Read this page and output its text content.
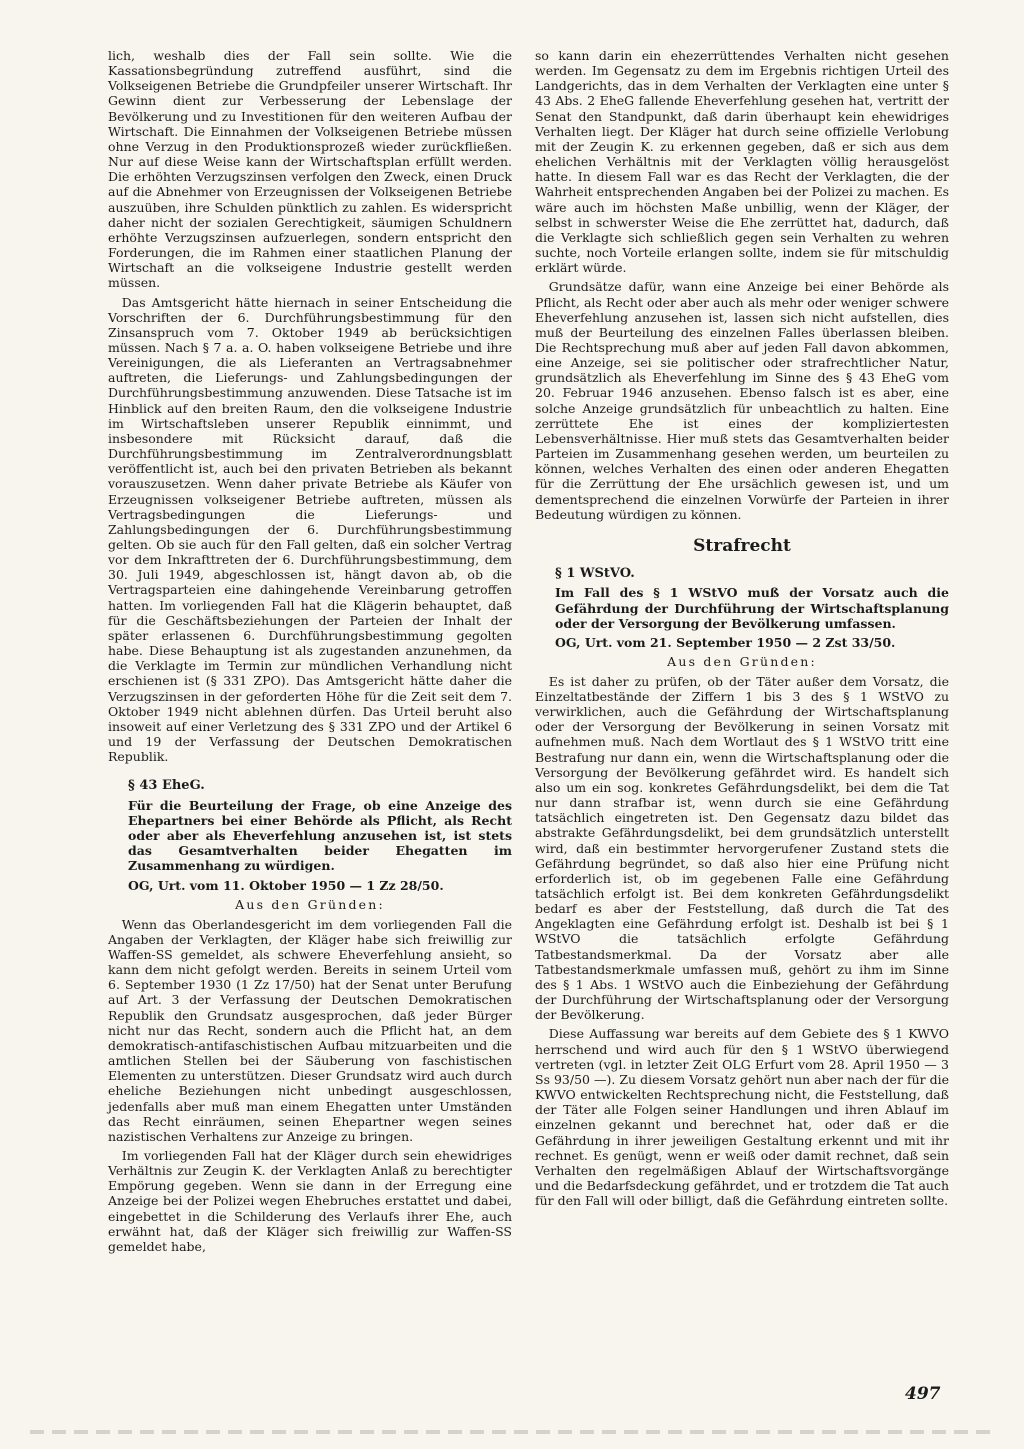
lich, weshalb dies der Fall sein sollte. Wie die Kassationsbegründung zutreffend ausführt, sind die Volkseigenen Betriebe die Grundpfeiler unserer Wirtschaft. Ihr Gewinn dient zur Verbesserung der Lebenslage der Bevölkerung und zu Investitionen für den weiteren Aufbau der Wirtschaft. Die Einnahmen der Volkseigenen Betriebe müssen ohne Verzug in den Produktionsprozeß wieder zurückfließen. Nur auf diese Weise kann der Wirtschaftsplan erfüllt werden. Die erhöhten Verzugszinsen verfolgen den Zweck, einen Druck auf die Abnehmer von Erzeugnissen der Volkseigenen Betriebe auszuüben, ihre Schulden pünktlich zu zahlen. Es widerspricht daher nicht der sozialen Gerechtigkeit, säumigen Schuldnern erhöhte Verzugszinsen aufzuerlegen, sondern entspricht den Forderungen, die im Rahmen einer staatlichen Planung der Wirtschaft an die volkseigene Industrie gestellt werden müssen.

Das Amtsgericht hätte hiernach in seiner Entscheidung die Vorschriften der 6. Durchführungsbestimmung für den Zinsanspruch vom 7. Oktober 1949 ab berücksichtigen müssen. Nach § 7 a. a. O. haben volkseigene Betriebe und ihre Vereinigungen, die als Lieferanten an Vertragsabnehmer auftreten, die Lieferungs- und Zahlungsbedingungen der Durchführungsbestimmung anzuwenden. Diese Tatsache ist im Hinblick auf den breiten Raum, den die volkseigene Industrie im Wirtschaftsleben unserer Republik einnimmt, und insbesondere mit Rücksicht darauf, daß die Durchführungsbestimmung im Zentralverordnungsblatt veröffentlicht ist, auch bei den privaten Betrieben als bekannt vorauszusetzen. Wenn daher private Betriebe als Käufer von Erzeugnissen volkseigener Betriebe auftreten, müssen als Vertragsbedingungen die Lieferungs- und Zahlungsbedingungen der 6. Durchführungsbestimmung gelten. Ob sie auch für den Fall gelten, daß ein solcher Vertrag vor dem Inkrafttreten der 6. Durchführungsbestimmung, dem 30. Juli 1949, abgeschlossen ist, hängt davon ab, ob die Vertragsparteien eine dahingehende Vereinbarung getroffen hatten. Im vorliegenden Fall hat die Klägerin behauptet, daß für die Geschäftsbeziehungen der Parteien der Inhalt der später erlassenen 6. Durchführungsbestimmung gegolten habe. Diese Behauptung ist als zugestanden anzunehmen, da die Verklagte im Termin zur mündlichen Verhandlung nicht erschienen ist (§ 331 ZPO). Das Amtsgericht hätte daher die Verzugszinsen in der geforderten Höhe für die Zeit seit dem 7. Oktober 1949 nicht ablehnen dürfen. Das Urteil beruht also insoweit auf einer Verletzung des § 331 ZPO und der Artikel 6 und 19 der Verfassung der Deutschen Demokratischen Republik.

§ 43 EheG.
Für die Beurteilung der Frage, ob eine Anzeige des Ehepartners bei einer Behörde als Pflicht, als Recht oder aber als Eheverfehlung anzusehen ist, ist stets das Gesamtverhalten beider Ehegatten im Zusammenhang zu würdigen.
OG, Urt. vom 11. Oktober 1950 — 1 Zz 28/50.
Aus den Gründen:

Wenn das Oberlandesgericht im dem vorliegenden Fall die Angaben der Verklagten, der Kläger habe sich freiwillig zur Waffen-SS gemeldet, als schwere Eheverfehlung ansieht, so kann dem nicht gefolgt werden. Bereits in seinem Urteil vom 6. September 1930 (1 Zz 17/50) hat der Senat unter Berufung auf Art. 3 der Verfassung der Deutschen Demokratischen Republik den Grundsatz ausgesprochen, daß jeder Bürger nicht nur das Recht, sondern auch die Pflicht hat, an dem demokratisch-antifaschistischen Aufbau mitzuarbeiten und die amtlichen Stellen bei der Säuberung von faschistischen Elementen zu unterstützen. Dieser Grundsatz wird auch durch eheliche Beziehungen nicht unbedingt ausgeschlossen, jedenfalls aber muß man einem Ehegatten unter Umständen das Recht einräumen, seinen Ehepartner wegen seines nazistischen Verhaltens zur Anzeige zu bringen.

Im vorliegenden Fall hat der Kläger durch sein ehewidriges Verhältnis zur Zeugin K. der Verklagten Anlaß zu berechtigter Empörung gegeben. Wenn sie dann in der Erregung eine Anzeige bei der Polizei wegen Ehebruches erstattet und dabei, eingebettet in die Schilderung des Verlaufs ihrer Ehe, auch erwähnt hat, daß der Kläger sich freiwillig zur Waffen-SS gemeldet habe,

so kann darin ein ehezerrüttendes Verhalten nicht gesehen werden. Im Gegensatz zu dem im Ergebnis richtigen Urteil des Landgerichts, das in dem Verhalten der Verklagten eine unter § 43 Abs. 2 EheG fallende Eheverfehlung gesehen hat, vertritt der Senat den Standpunkt, daß darin überhaupt kein ehewidriges Verhalten liegt. Der Kläger hat durch seine offizielle Verlobung mit der Zeugin K. zu erkennen gegeben, daß er sich aus dem ehelichen Verhältnis mit der Verklagten völlig herausgelöst hatte. In diesem Fall war es das Recht der Verklagten, die der Wahrheit entsprechenden Angaben bei der Polizei zu machen. Es wäre auch im höchsten Maße unbillig, wenn der Kläger, der selbst in schwerster Weise die Ehe zerrüttet hat, dadurch, daß die Verklagte sich schließlich gegen sein Verhalten zu wehren suchte, noch Vorteile erlangen sollte, indem sie für mitschuldig erklärt würde.

Grundsätze dafür, wann eine Anzeige bei einer Behörde als Pflicht, als Recht oder aber auch als mehr oder weniger schwere Eheverfehlung anzusehen ist, lassen sich nicht aufstellen, dies muß der Beurteilung des einzelnen Falles überlassen bleiben. Die Rechtsprechung muß aber auf jeden Fall davon abkommen, eine Anzeige, sei sie politischer oder strafrechtlicher Natur, grundsätzlich als Eheverfehlung im Sinne des § 43 EheG vom 20. Februar 1946 anzusehen. Ebenso falsch ist es aber, eine solche Anzeige grundsätzlich für unbeachtlich zu halten. Eine zerrüttete Ehe ist eines der kompliziertesten Lebensverhältnisse. Hier muß stets das Gesamtverhalten beider Parteien im Zusammenhang gesehen werden, um beurteilen zu können, welches Verhalten des einen oder anderen Ehegatten für die Zerrüttung der Ehe ursächlich gewesen ist, und um dementsprechend die einzelnen Vorwürfe der Parteien in ihrer Bedeutung würdigen zu können.

Strafrecht
§ 1 WStVO.
Im Fall des § 1 WStVO muß der Vorsatz auch die Gefährdung der Durchführung der Wirtschaftsplanung oder der Versorgung der Bevölkerung umfassen.
OG, Urt. vom 21. September 1950 — 2 Zst 33/50.
Aus den Gründen:

Es ist daher zu prüfen, ob der Täter außer dem Vorsatz, die Einzeltatbestände der Ziffern 1 bis 3 des § 1 WStVO zu verwirklichen, auch die Gefährdung der Wirtschaftsplanung oder der Versorgung der Bevölkerung in seinen Vorsatz mit aufnehmen muß. Nach dem Wortlaut des § 1 WStVO tritt eine Bestrafung nur dann ein, wenn die Wirtschaftsplanung oder die Versorgung der Bevölkerung gefährdet wird. Es handelt sich also um ein sog. konkretes Gefährdungsdelikt, bei dem die Tat nur dann strafbar ist, wenn durch sie eine Gefährdung tatsächlich eingetreten ist. Den Gegensatz dazu bildet das abstrakte Gefährdungsdelikt, bei dem grundsätzlich unterstellt wird, daß ein bestimmter hervorgerufener Zustand stets die Gefährdung begründet, so daß also hier eine Prüfung nicht erforderlich ist, ob im gegebenen Falle eine Gefährdung tatsächlich erfolgt ist. Bei dem konkreten Gefährdungsdelikt bedarf es aber der Feststellung, daß durch die Tat des Angeklagten eine Gefährdung erfolgt ist. Deshalb ist bei § 1 WStVO die tatsächlich erfolgte Gefährdung Tatbestandsmerkmal. Da der Vorsatz aber alle Tatbestandsmerkmale umfassen muß, gehört zu ihm im Sinne des § 1 Abs. 1 WStVO auch die Einbeziehung der Gefährdung der Durchführung der Wirtschaftsplanung oder der Versorgung der Bevölkerung.

Diese Auffassung war bereits auf dem Gebiete des § 1 KWVO herrschend und wird auch für den § 1 WStVO überwiegend vertreten (vgl. in letzter Zeit OLG Erfurt vom 28. April 1950 — 3 Ss 93/50 —). Zu diesem Vorsatz gehört nun aber nach der für die KWVO entwickelten Rechtsprechung nicht, die Feststellung, daß der Täter alle Folgen seiner Handlungen und ihren Ablauf im einzelnen gekannt und berechnet hat, oder daß er die Gefährdung in ihrer jeweiligen Gestaltung erkennt und mit ihr rechnet. Es genügt, wenn er weiß oder damit rechnet, daß sein Verhalten den regelmäßigen Ablauf der Wirtschaftsvorgänge und die Bedarfsdeckung gefährdet, und er trotzdem die Tat auch für den Fall will oder billigt, daß die Gefährdung eintreten sollte.

497
